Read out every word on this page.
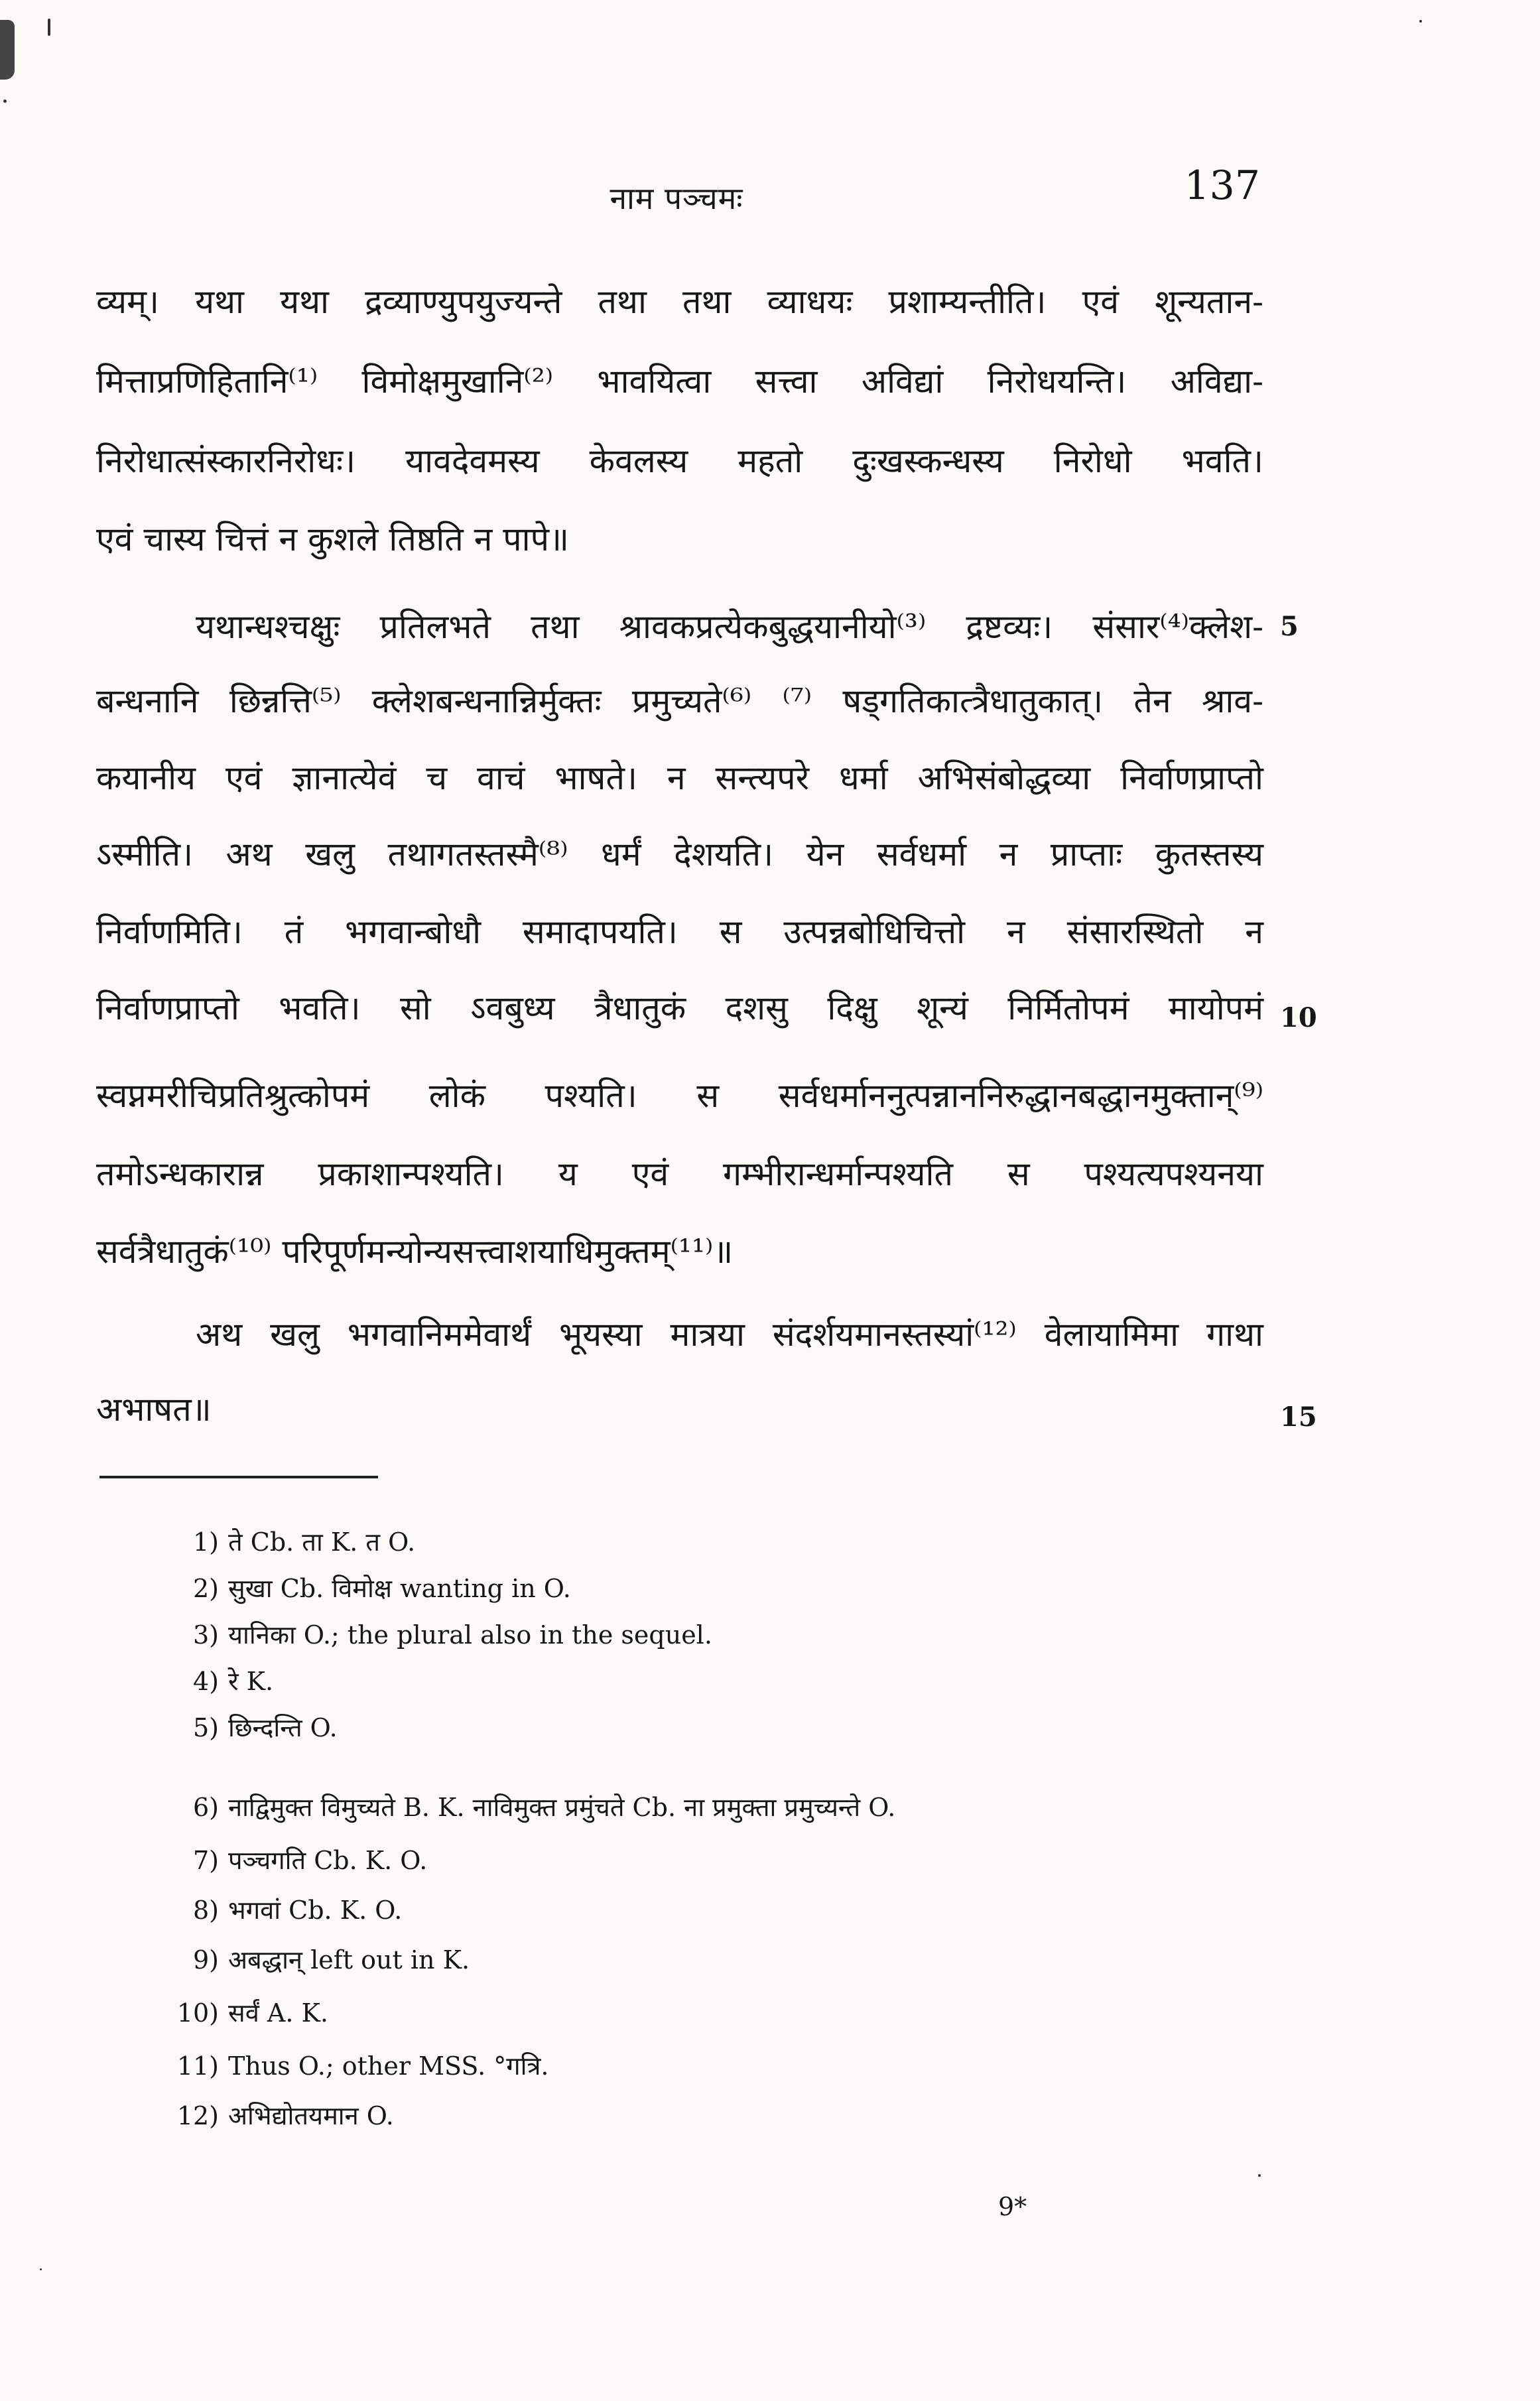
नाम पञ्चमः	137
व्यम्। यथा यथा द्रव्याण्युपयुज्यन्ते तथा तथा व्याधयः प्रशाम्यन्तीति। एवं शून्यतान-
मित्ताप्रणिहितानि⁽¹⁾ विमोक्षमुखानि⁽²⁾ भावयित्वा सत्त्वा अविद्यां निरोधयन्ति। अविद्या-
निरोधात्संस्कारनिरोधः। यावदेवमस्य केवलस्य महतो दुःखस्कन्धस्य निरोधो भवति।
एवं चास्य चित्तं न कुशले तिष्ठति न पापे॥
यथान्धश्चक्षुः प्रतिलभते तथा श्रावकप्रत्येकबुद्धयानीयो⁽³⁾ द्रष्टव्यः। संसार⁽⁴⁾क्लेश-
बन्धनानि छिन्नत्ति⁽⁵⁾ क्लेशबन्धनान्निर्मुक्तः प्रमुच्यते⁽⁶⁾ ⁽⁷⁾ षड्गतिकात्त्रैधातुकात्। तेन श्राव-
कयानीय एवं ज्ञानात्येवं च वाचं भाषते। न सन्त्यपरे धर्मा अभिसंबोद्धव्या निर्वाणप्राप्तो
ऽस्मीति। अथ खलु तथागतस्तस्मै⁽⁸⁾ धर्मं देशयति। येन सर्वधर्मा न प्राप्ताः कुतस्तस्य
निर्वाणमिति। तं भगवान्बोधौ समादापयति। स उत्पन्नबोधिचित्तो न संसारस्थितो न
निर्वाणप्राप्तो भवति। सो ऽवबुध्य त्रैधातुकं दशसु दिक्षु शून्यं निर्मितोपमं मायोपमं
स्वप्नमरीचिप्रतिश्रुत्कोपमं लोकं पश्यति। स सर्वधर्माननुत्पन्नाननिरुद्धानबद्धानमुक्तान्⁽⁹⁾
तमोऽन्धकारान्न प्रकाशान्पश्यति। य एवं गम्भीरान्धर्मान्पश्यति स पश्यत्यपश्यनया
सर्वत्रैधातुकं⁽¹⁰⁾ परिपूर्णमन्योन्यसत्त्वाशयाधिमुक्तम्⁽¹¹⁾॥
अथ खलु भगवानिममेवार्थं भूयस्या मात्रया संदर्शयमानस्तस्यां⁽¹²⁾ वेलायामिमा गाथा
अभाषत॥
5
10
15
1) ते Cb. ता K. त O.
2) सुखा Cb. विमोक्ष wanting in O.
3) यानिका O.; the plural also in the sequel.
4) रे K.
5) छिन्दन्ति O.
6) नाद्विमुक्त विमुच्यते B. K. नाविमुक्त प्रमुंचते Cb. ना प्रमुक्ता प्रमुच्यन्ते O.
7) पञ्चगति Cb. K. O.
8) भगवां Cb. K. O.
9) अबद्धान् left out in K.
10) सर्वं A. K.
11) Thus O.; other MSS. °गत्रि.
12) अभिद्योतयमान O.
9*
